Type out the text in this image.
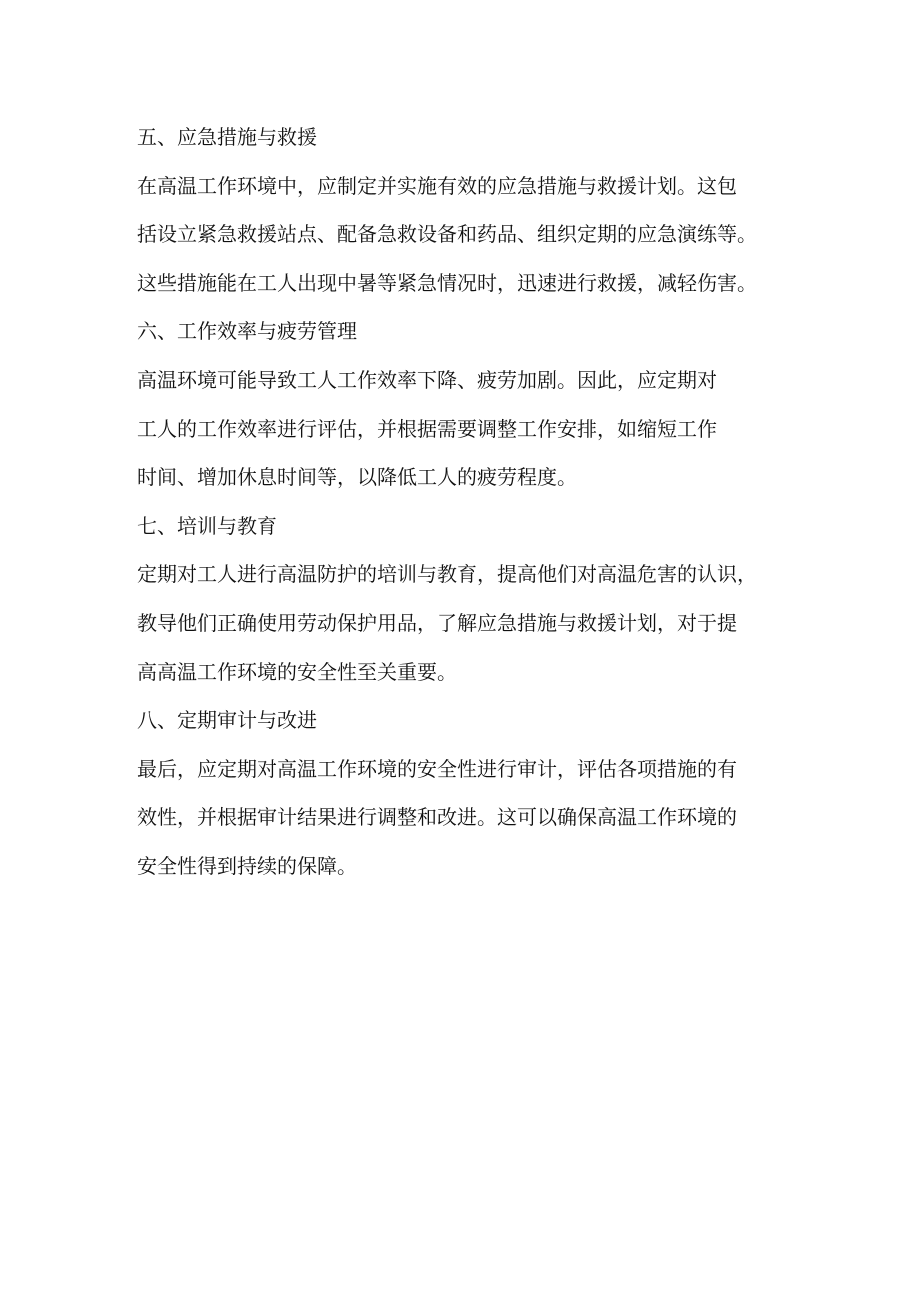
五、应急措施与救援

在高温工作环境中，应制定并实施有效的应急措施与救援计划。这包

括设立紧急救援站点、配备急救设备和药品、组织定期的应急演练等。

这些措施能在工人出现中暑等紧急情况时，迅速进行救援，减轻伤害。

六、工作效率与疲劳管理

高温环境可能导致工人工作效率下降、疲劳加剧。因此，应定期对

工人的工作效率进行评估，并根据需要调整工作安排，如缩短工作

时间、增加休息时间等，以降低工人的疲劳程度。

七、培训与教育

定期对工人进行高温防护的培训与教育，提高他们对高温危害的认识，

教导他们正确使用劳动保护用品，了解应急措施与救援计划，对于提

高高温工作环境的安全性至关重要。

八、定期审计与改进

最后，应定期对高温工作环境的安全性进行审计，评估各项措施的有

效性，并根据审计结果进行调整和改进。这可以确保高温工作环境的

安全性得到持续的保障。
